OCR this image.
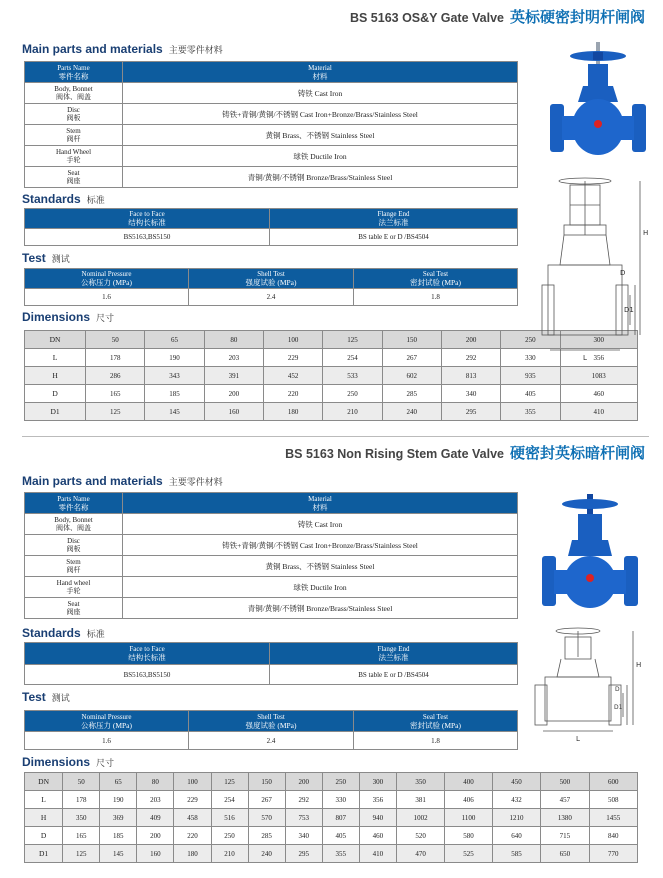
BS 5163 OS&Y Gate Valve 英标硬密封明杆闸阀
Main parts and materials 主要零件材料
Parts Name
零件名称	Material
材料

Body, Bonnet
阀体、阀盖	铸铁 Cast Iron

Disc
阀板	铸铁+青铜/黄铜/不锈钢 Cast Iron+Bronze/Brass/Stainless Steel

Stem
阀杆	黄铜 Brass、不锈钢 Stainless Steel

Hand Wheel
手轮	球铁 Ductile Iron

Seat
阀座	青铜/黄铜/不锈钢 Bronze/Brass/Stainless Steel
Standards 标准
Face to Face
结构长标准	Flange End
法兰标准

BS5163,BS5150	BS table E or D /BS4504
Test 测试
Nominal Pressure
公称压力 (MPa)	Shell Test
强度试验 (MPa)	Seal Test
密封试验 (MPa)

1.6	2.4	1.8
Dimensions 尺寸
DN	50	65	80	100	125	150	200	250	300
L	178	190	203	229	254	267	292	330	356
H	286	343	391	452	533	602	813	935	1083
D	165	185	200	220	250	285	340	405	460
D1	125	145	160	180	210	240	295	355	410
H
D
D1
L
BS 5163 Non Rising Stem Gate Valve 硬密封英标暗杆闸阀
Main parts and materials 主要零件材料
Parts Name
零件名称	Material
材料

Body, Bonnet
阀体、阀盖	铸铁 Cast Iron

Disc
阀板	铸铁+青铜/黄铜/不锈钢 Cast Iron+Bronze/Brass/Stainless Steel

Stem
阀杆	黄铜 Brass、不锈钢 Stainless Steel

Hand wheel
手轮	球铁 Ductile Iron

Seat
阀座	青铜/黄铜/不锈钢 Bronze/Brass/Stainless Steel
Standards 标准
Face to Face
结构长标准	Flange End
法兰标准

BS5163,BS5150	BS table E or D /BS4504
Test 测试
Nominal Pressure
公称压力 (MPa)	Shell Test
强度试验 (MPa)	Seal Test
密封试验 (MPa)

1.6	2.4	1.8
Dimensions 尺寸
DN	50	65	80	100	125	150	200	250	300	350	400	450	500	600
L	178	190	203	229	254	267	292	330	356	381	406	432	457	508
H	350	369	409	458	516	570	753	807	940	1002	1100	1210	1380	1455
D	165	185	200	220	250	285	340	405	460	520	580	640	715	840
D1	125	145	160	180	210	240	295	355	410	470	525	585	650	770
H
D
D1
L
